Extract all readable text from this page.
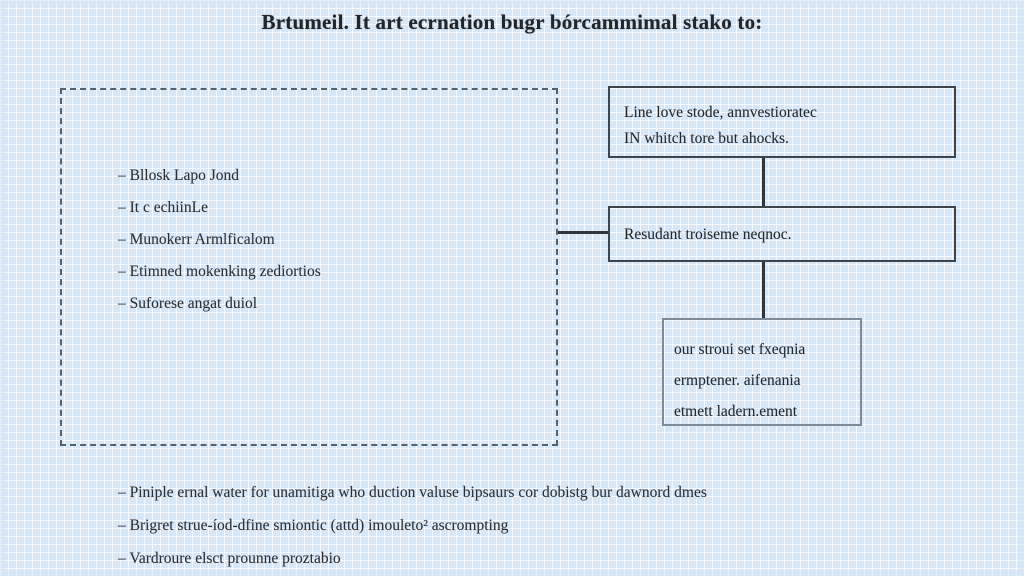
Brtumeil. It art ecrnation bugr bórcammimal stako to:
– Bllosk Lapo Jond
– It c echiinLe
– Munokerr Armlficalom
– Etimned mokenking zediortios
– Suforese angat duiol
Line love stode, annvestioratec
IN whitch tore but ahocks.
Resudant troiseme neqnoc.
our stroui set fxeqnia
ermptener. aifenania
etmett ladern.ement
– Piniple ernal water for unamitiga who duction valuse bipsaurs cor dobistg bur dawnord dmes
– Brigret strue-íod-dfine smiontic (attd) imouleto² ascrompting
– Vardroure elsct prounne proztabio
